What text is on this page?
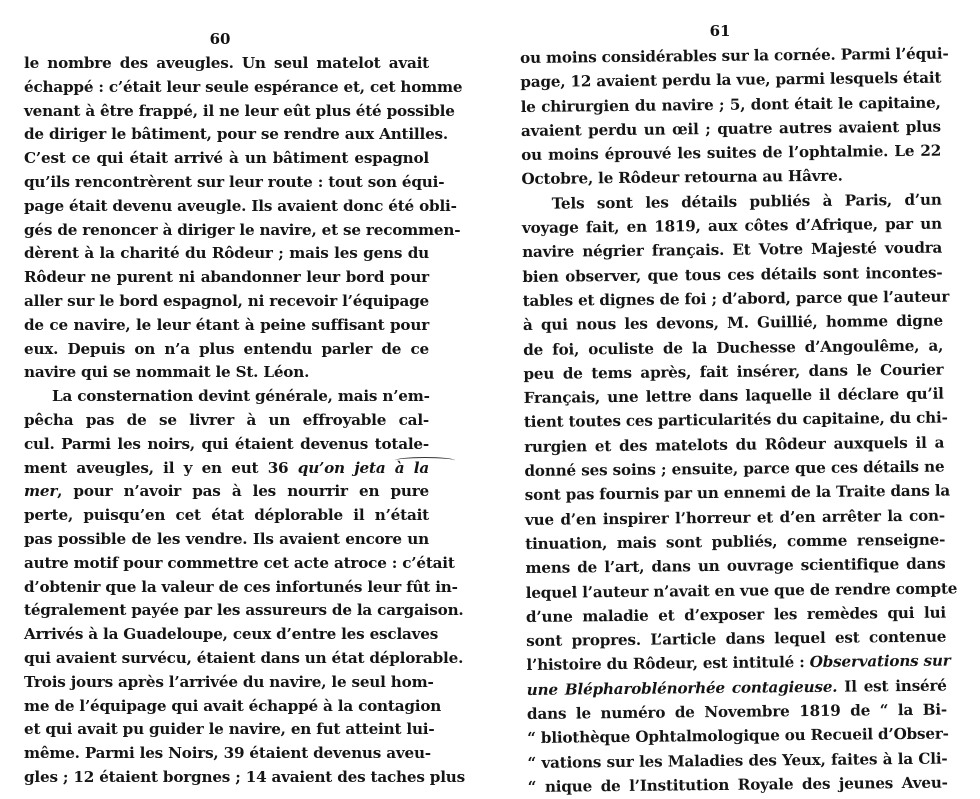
60
le nombre des aveugles. Un seul matelot avait
échappé : c’était leur seule espérance et, cet homme
venant à être frappé, il ne leur eût plus été possible
de diriger le bâtiment, pour se rendre aux Antilles.
C’est ce qui était arrivé à un bâtiment espagnol
qu’ils rencontrèrent sur leur route : tout son équi-
page était devenu aveugle. Ils avaient donc été obli-
gés de renoncer à diriger le navire, et se recommen-
dèrent à la charité du Rôdeur ; mais les gens du
Rôdeur ne purent ni abandonner leur bord pour
aller sur le bord espagnol, ni recevoir l’équipage
de ce navire, le leur étant à peine suffisant pour
eux. Depuis on n’a plus entendu parler de ce
navire qui se nommait le St. Léon.
La consternation devint générale, mais n’em-
pêcha pas de se livrer à un effroyable cal-
cul. Parmi les noirs, qui étaient devenus totale-
ment aveugles, il y en eut 36 qu’on jeta à la
mer, pour n’avoir pas à les nourrir en pure
perte, puisqu’en cet état déplorable il n’était
pas possible de les vendre. Ils avaient encore un
autre motif pour commettre cet acte atroce : c’était
d’obtenir que la valeur de ces infortunés leur fût in-
tégralement payée par les assureurs de la cargaison.
Arrivés à la Guadeloupe, ceux d’entre les esclaves
qui avaient survécu, étaient dans un état déplorable.
Trois jours après l’arrivée du navire, le seul hom-
me de l’équipage qui avait échappé à la contagion
et qui avait pu guider le navire, en fut atteint lui-
même. Parmi les Noirs, 39 étaient devenus aveu-
gles ; 12 étaient borgnes ; 14 avaient des taches plus
61
ou moins considérables sur la cornée. Parmi l’équi-
page, 12 avaient perdu la vue, parmi lesquels était
le chirurgien du navire ; 5, dont était le capitaine,
avaient perdu un œil ; quatre autres avaient plus
ou moins éprouvé les suites de l’ophtalmie. Le 22
Octobre, le Rôdeur retourna au Hâvre.
Tels sont les détails publiés à Paris, d’un
voyage fait, en 1819, aux côtes d’Afrique, par un
navire négrier français. Et Votre Majesté voudra
bien observer, que tous ces détails sont incontes-
tables et dignes de foi ; d’abord, parce que l’auteur
à qui nous les devons, M. Guillié, homme digne
de foi, oculiste de la Duchesse d’Angoulême, a,
peu de tems après, fait insérer, dans le Courier
Français, une lettre dans laquelle il déclare qu’il
tient toutes ces particularités du capitaine, du chi-
rurgien et des matelots du Rôdeur auxquels il a
donné ses soins ; ensuite, parce que ces détails ne
sont pas fournis par un ennemi de la Traite dans la
vue d’en inspirer l’horreur et d’en arrêter la con-
tinuation, mais sont publiés, comme renseigne-
mens de l’art, dans un ouvrage scientifique dans
lequel l’auteur n’avait en vue que de rendre compte
d’une maladie et d’exposer les remèdes qui lui
sont propres. L’article dans lequel est contenue
l’histoire du Rôdeur, est intitulé : Observations sur
une Blépharoblénorhée contagieuse. Il est inséré
dans le numéro de Novembre 1819 de “ la Bi-
“ bliothèque Ophtalmologique ou Recueil d’Obser-
“ vations sur les Maladies des Yeux, faites à la Cli-
“ nique de l’Institution Royale des jeunes Aveu-
